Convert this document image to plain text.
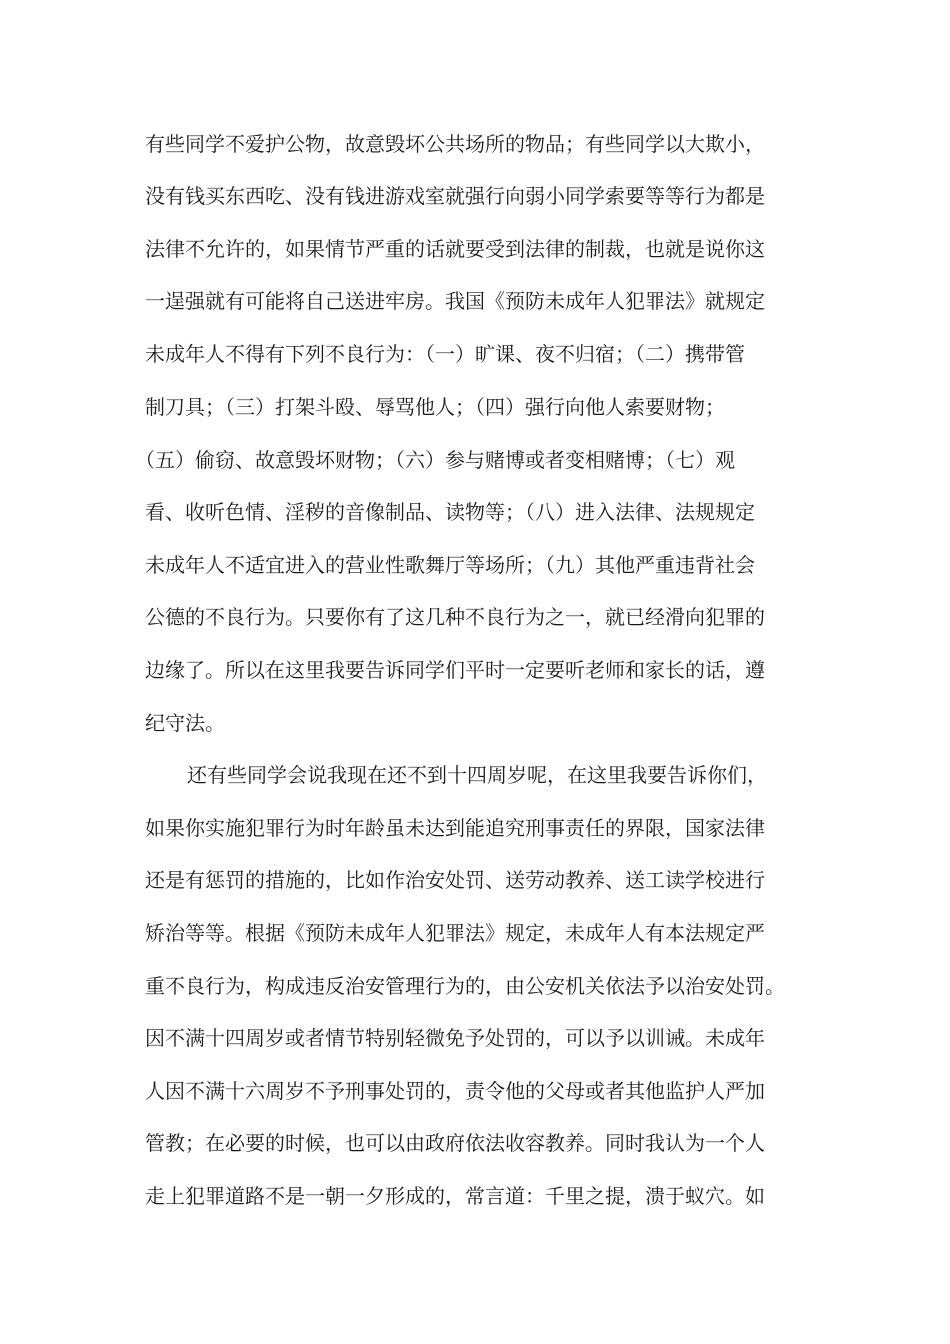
有些同学不爱护公物，故意毁坏公共场所的物品；有些同学以大欺小，
没有钱买东西吃、没有钱进游戏室就强行向弱小同学索要等等行为都是
法律不允许的，如果情节严重的话就要受到法律的制裁，也就是说你这
一逞强就有可能将自己送进牢房。我国《预防未成年人犯罪法》就规定
未成年人不得有下列不良行为：（一）旷课、夜不归宿；（二）携带管
制刀具；（三）打架斗殴、辱骂他人；（四）强行向他人索要财物；
（五）偷窃、故意毁坏财物；（六）参与赌博或者变相赌博；（七）观
看、收听色情、淫秽的音像制品、读物等；（八）进入法律、法规规定
未成年人不适宜进入的营业性歌舞厅等场所；（九）其他严重违背社会
公德的不良行为。只要你有了这几种不良行为之一，就已经滑向犯罪的
边缘了。所以在这里我要告诉同学们平时一定要听老师和家长的话，遵
纪守法。
还有些同学会说我现在还不到十四周岁呢，在这里我要告诉你们，
如果你实施犯罪行为时年龄虽未达到能追究刑事责任的界限，国家法律
还是有惩罚的措施的，比如作治安处罚、送劳动教养、送工读学校进行
矫治等等。根据《预防未成年人犯罪法》规定，未成年人有本法规定严
重不良行为，构成违反治安管理行为的，由公安机关依法予以治安处罚。
因不满十四周岁或者情节特别轻微免予处罚的，可以予以训诫。未成年
人因不满十六周岁不予刑事处罚的，责令他的父母或者其他监护人严加
管教；在必要的时候，也可以由政府依法收容教养。同时我认为一个人
走上犯罪道路不是一朝一夕形成的，常言道：千里之提，溃于蚁穴。如
